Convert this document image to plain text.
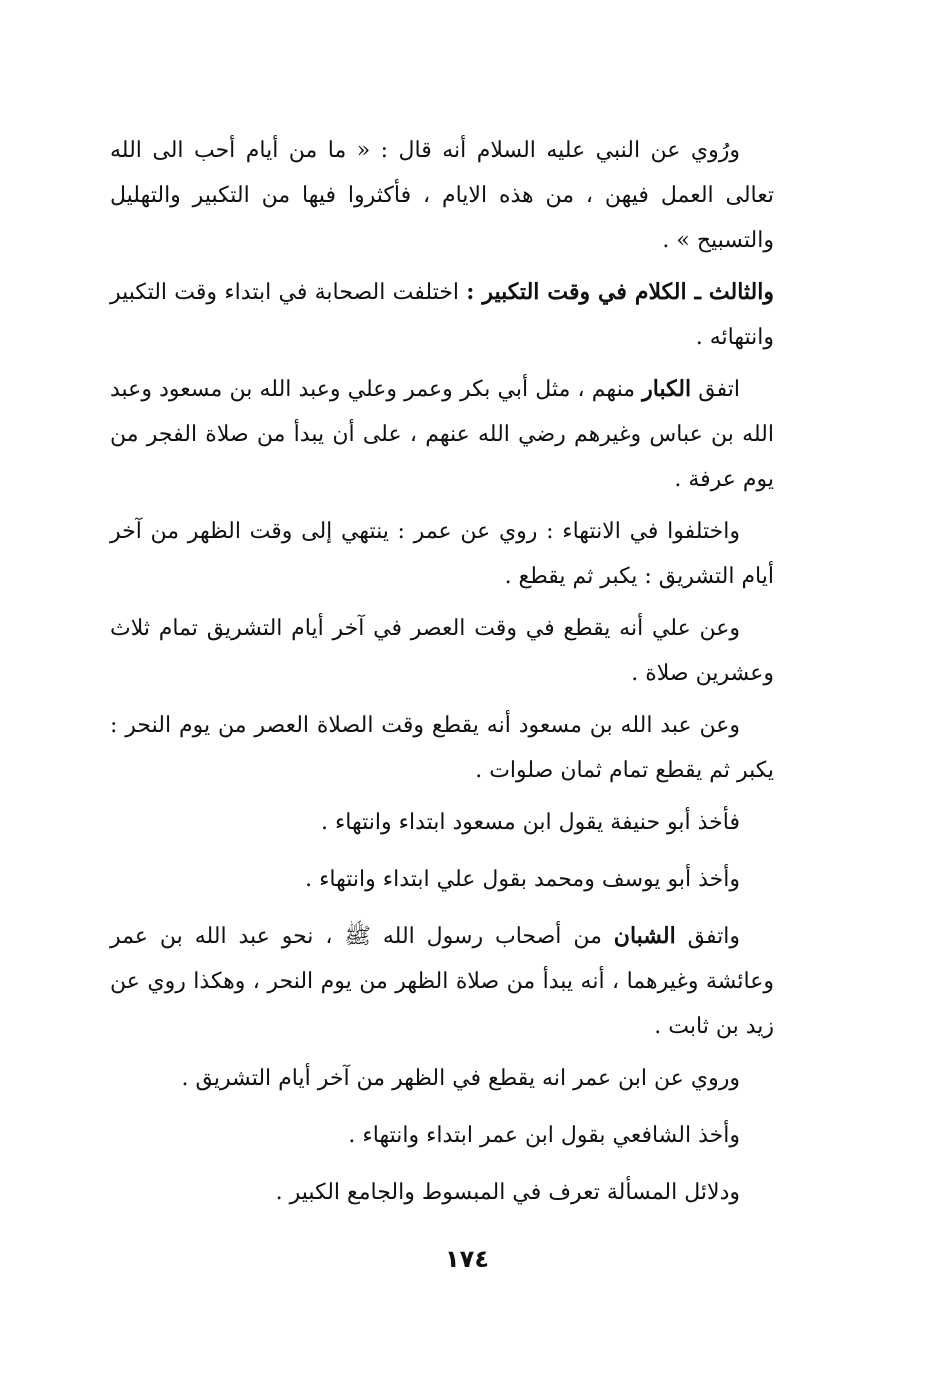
ورُوي عن النبي عليه السلام أنه قال : « ما من أيام أحب الى الله تعالى العمل فيهن ، من هذه الايام ، فأكثروا فيها من التكبير والتهليل والتسبيح » .

والثالث ـ الكلام في وقت التكبير : اختلفت الصحابة في ابتداء وقت التكبير وانتهائه .

اتفق الكبار منهم ، مثل أبي بكر وعمر وعلي وعبد الله بن مسعود وعبد الله بن عباس وغيرهم رضي الله عنهم ، على أن يبدأ من صلاة الفجر من يوم عرفة .

واختلفوا في الانتهاء : روي عن عمر : ينتهي إلى وقت الظهر من آخر أيام التشريق : يكبر ثم يقطع .

وعن علي أنه يقطع في وقت العصر في آخر أيام التشريق تمام ثلاث وعشرين صلاة .

وعن عبد الله بن مسعود أنه يقطع وقت الصلاة العصر من يوم النحر : يكبر ثم يقطع تمام ثمان صلوات .

فأخذ أبو حنيفة يقول ابن مسعود ابتداء وانتهاء .

وأخذ أبو يوسف ومحمد بقول علي ابتداء وانتهاء .

واتفق الشبان من أصحاب رسول الله ﷺ ، نحو عبد الله بن عمر وعائشة وغيرهما ، أنه يبدأ من صلاة الظهر من يوم النحر ، وهكذا روي عن زيد بن ثابت .

وروي عن ابن عمر انه يقطع في الظهر من آخر أيام التشريق .

وأخذ الشافعي بقول ابن عمر ابتداء وانتهاء .

ودلائل المسألة تعرف في المبسوط والجامع الكبير .

١٧٤
